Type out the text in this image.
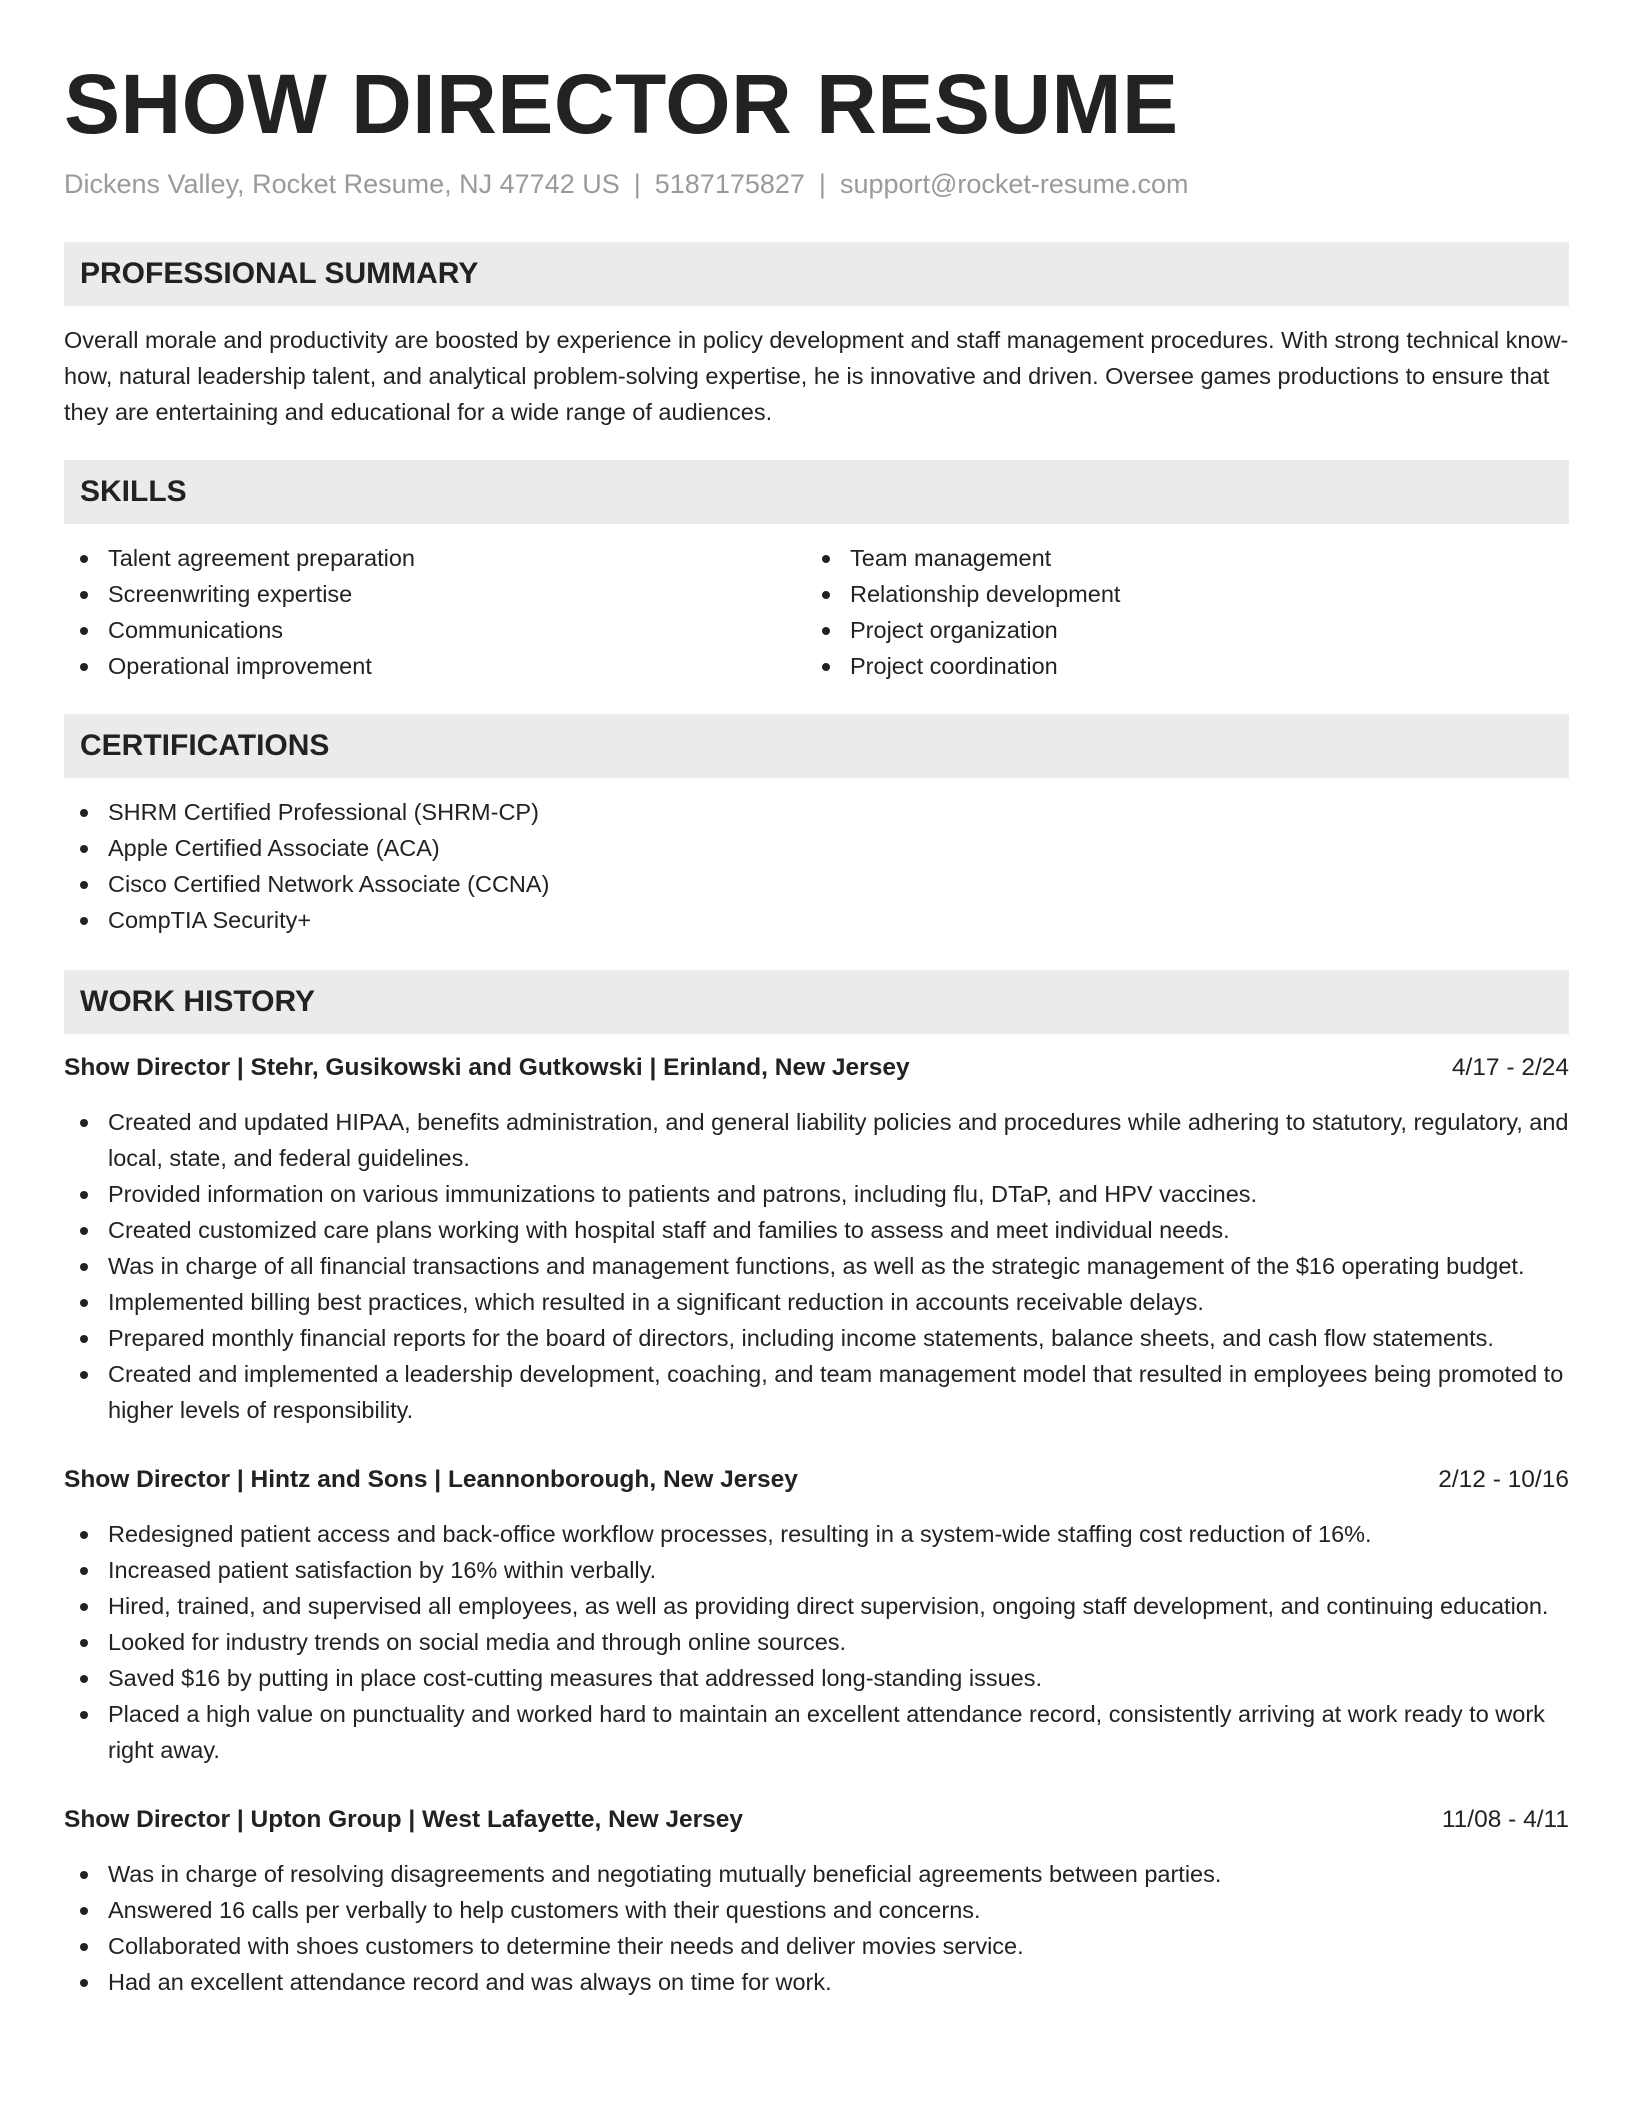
SHOW DIRECTOR RESUME
Dickens Valley, Rocket Resume, NJ 47742 US | 5187175827 | support@rocket-resume.com
PROFESSIONAL SUMMARY

Overall morale and productivity are boosted by experience in policy development and staff management procedures. With strong technical know-how, natural leadership talent, and analytical problem-solving expertise, he is innovative and driven. Oversee games productions to ensure that they are entertaining and educational for a wide range of audiences.

SKILLS
Talent agreement preparation
Screenwriting expertise
Communications
Operational improvement
Team management
Relationship development
Project organization
Project coordination
CERTIFICATIONS
SHRM Certified Professional (SHRM-CP)
Apple Certified Associate (ACA)
Cisco Certified Network Associate (CCNA)
CompTIA Security+
WORK HISTORY
Show Director | Stehr, Gusikowski and Gutkowski | Erinland, New Jersey	4/17 - 2/24
Created and updated HIPAA, benefits administration, and general liability policies and procedures while adhering to statutory, regulatory, and local, state, and federal guidelines.
Provided information on various immunizations to patients and patrons, including flu, DTaP, and HPV vaccines.
Created customized care plans working with hospital staff and families to assess and meet individual needs.
Was in charge of all financial transactions and management functions, as well as the strategic management of the $16 operating budget.
Implemented billing best practices, which resulted in a significant reduction in accounts receivable delays.
Prepared monthly financial reports for the board of directors, including income statements, balance sheets, and cash flow statements.
Created and implemented a leadership development, coaching, and team management model that resulted in employees being promoted to higher levels of responsibility.
Show Director | Hintz and Sons | Leannonborough, New Jersey	2/12 - 10/16
Redesigned patient access and back-office workflow processes, resulting in a system-wide staffing cost reduction of 16%.
Increased patient satisfaction by 16% within verbally.
Hired, trained, and supervised all employees, as well as providing direct supervision, ongoing staff development, and continuing education.
Looked for industry trends on social media and through online sources.
Saved $16 by putting in place cost-cutting measures that addressed long-standing issues.
Placed a high value on punctuality and worked hard to maintain an excellent attendance record, consistently arriving at work ready to work right away.
Show Director | Upton Group | West Lafayette, New Jersey	11/08 - 4/11
Was in charge of resolving disagreements and negotiating mutually beneficial agreements between parties.
Answered 16 calls per verbally to help customers with their questions and concerns.
Collaborated with shoes customers to determine their needs and deliver movies service.
Had an excellent attendance record and was always on time for work.
